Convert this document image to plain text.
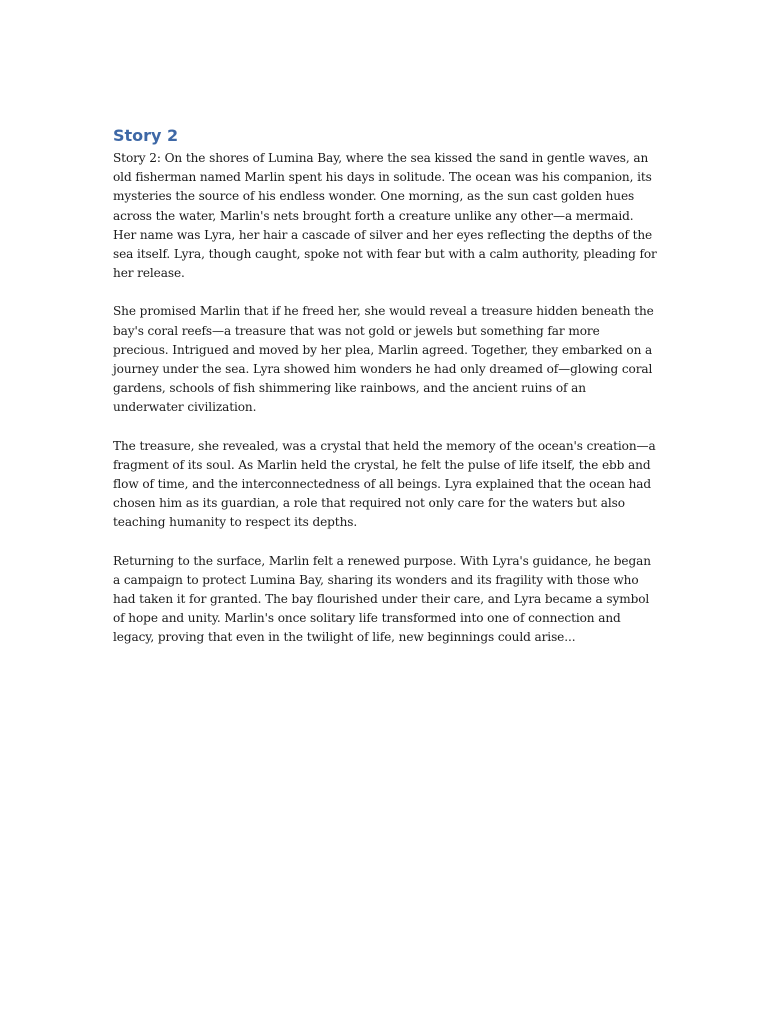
Story 2

Story 2: On the shores of Lumina Bay, where the sea kissed the sand in gentle waves, an old fisherman named Marlin spent his days in solitude. The ocean was his companion, its mysteries the source of his endless wonder. One morning, as the sun cast golden hues across the water, Marlin's nets brought forth a creature unlike any other—a mermaid. Her name was Lyra, her hair a cascade of silver and her eyes reflecting the depths of the sea itself. Lyra, though caught, spoke not with fear but with a calm authority, pleading for her release.

She promised Marlin that if he freed her, she would reveal a treasure hidden beneath the bay's coral reefs—a treasure that was not gold or jewels but something far more precious. Intrigued and moved by her plea, Marlin agreed. Together, they embarked on a journey under the sea. Lyra showed him wonders he had only dreamed of—glowing coral gardens, schools of fish shimmering like rainbows, and the ancient ruins of an underwater civilization.

The treasure, she revealed, was a crystal that held the memory of the ocean's creation—a fragment of its soul. As Marlin held the crystal, he felt the pulse of life itself, the ebb and flow of time, and the interconnectedness of all beings. Lyra explained that the ocean had chosen him as its guardian, a role that required not only care for the waters but also teaching humanity to respect its depths.

Returning to the surface, Marlin felt a renewed purpose. With Lyra's guidance, he began a campaign to protect Lumina Bay, sharing its wonders and its fragility with those who had taken it for granted. The bay flourished under their care, and Lyra became a symbol of hope and unity. Marlin's once solitary life transformed into one of connection and legacy, proving that even in the twilight of life, new beginnings could arise...
